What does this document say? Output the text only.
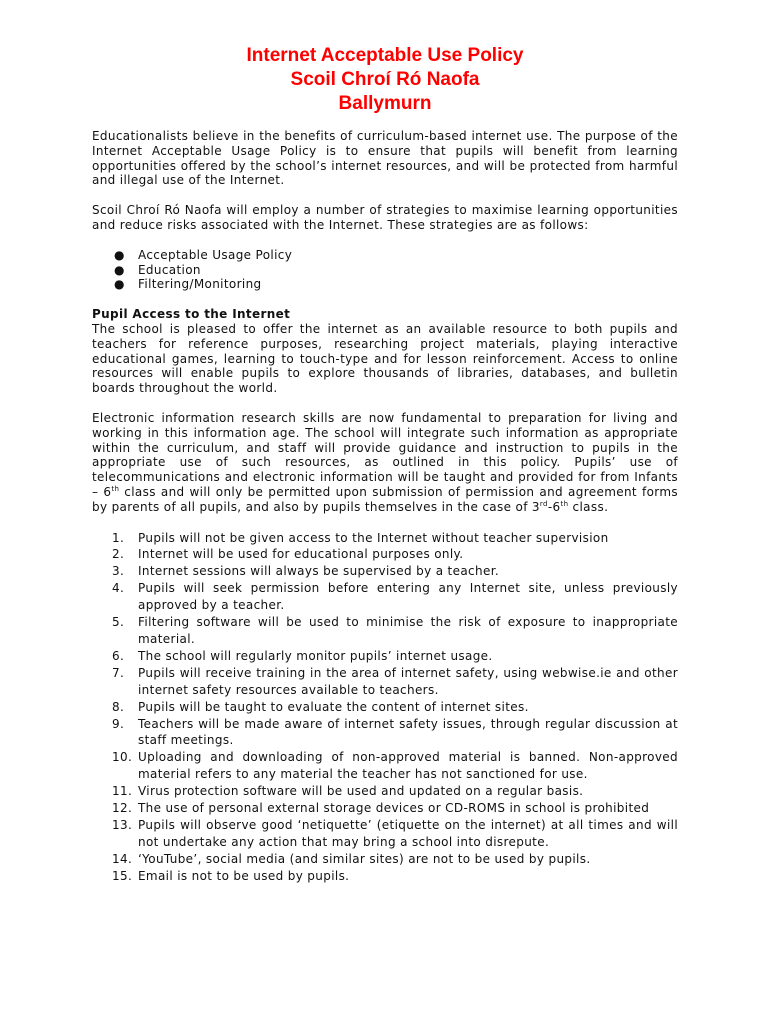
Internet Acceptable Use Policy
Scoil Chroí Ró Naofa
Ballymurn

Educationalists believe in the benefits of curriculum-based internet use. The purpose of the Internet Acceptable Usage Policy is to ensure that pupils will benefit from learning opportunities offered by the school’s internet resources, and will be protected from harmful and illegal use of the Internet.

Scoil Chroí Ró Naofa will employ a number of strategies to maximise learning opportunities and reduce risks associated with the Internet. These strategies are as follows:

● Acceptable Usage Policy
● Education
● Filtering/Monitoring

Pupil Access to the Internet

The school is pleased to offer the internet as an available resource to both pupils and teachers for reference purposes, researching project materials, playing interactive educational games, learning to touch-type and for lesson reinforcement. Access to online resources will enable pupils to explore thousands of libraries, databases, and bulletin boards throughout the world.

Electronic information research skills are now fundamental to preparation for living and working in this information age. The school will integrate such information as appropriate within the curriculum, and staff will provide guidance and instruction to pupils in the appropriate use of such resources, as outlined in this policy. Pupils’ use of telecommunications and electronic information will be taught and provided for from Infants – 6th class and will only be permitted upon submission of permission and agreement forms by parents of all pupils, and also by pupils themselves in the case of 3rd-6th class.

1.	Pupils will not be given access to the Internet without teacher supervision
2.	Internet will be used for educational purposes only.
3.	Internet sessions will always be supervised by a teacher.
4.	Pupils will seek permission before entering any Internet site, unless previously approved by a teacher.
5.	Filtering software will be used to minimise the risk of exposure to inappropriate material.
6.	The school will regularly monitor pupils’ internet usage.
7.	Pupils will receive training in the area of internet safety, using webwise.ie and other internet safety resources available to teachers.
8.	Pupils will be taught to evaluate the content of internet sites.
9.	Teachers will be made aware of internet safety issues, through regular discussion at staff meetings.
10. Uploading and downloading of non-approved material is banned. Non-approved material refers to any material the teacher has not sanctioned for use.
11. Virus protection software will be used and updated on a regular basis.
12. The use of personal external storage devices or CD-ROMS in school is prohibited
13. Pupils will observe good ‘netiquette’ (etiquette on the internet) at all times and will not undertake any action that may bring a school into disrepute.
14. ‘YouTube’, social media (and similar sites) are not to be used by pupils.
15. Email is not to be used by pupils.
